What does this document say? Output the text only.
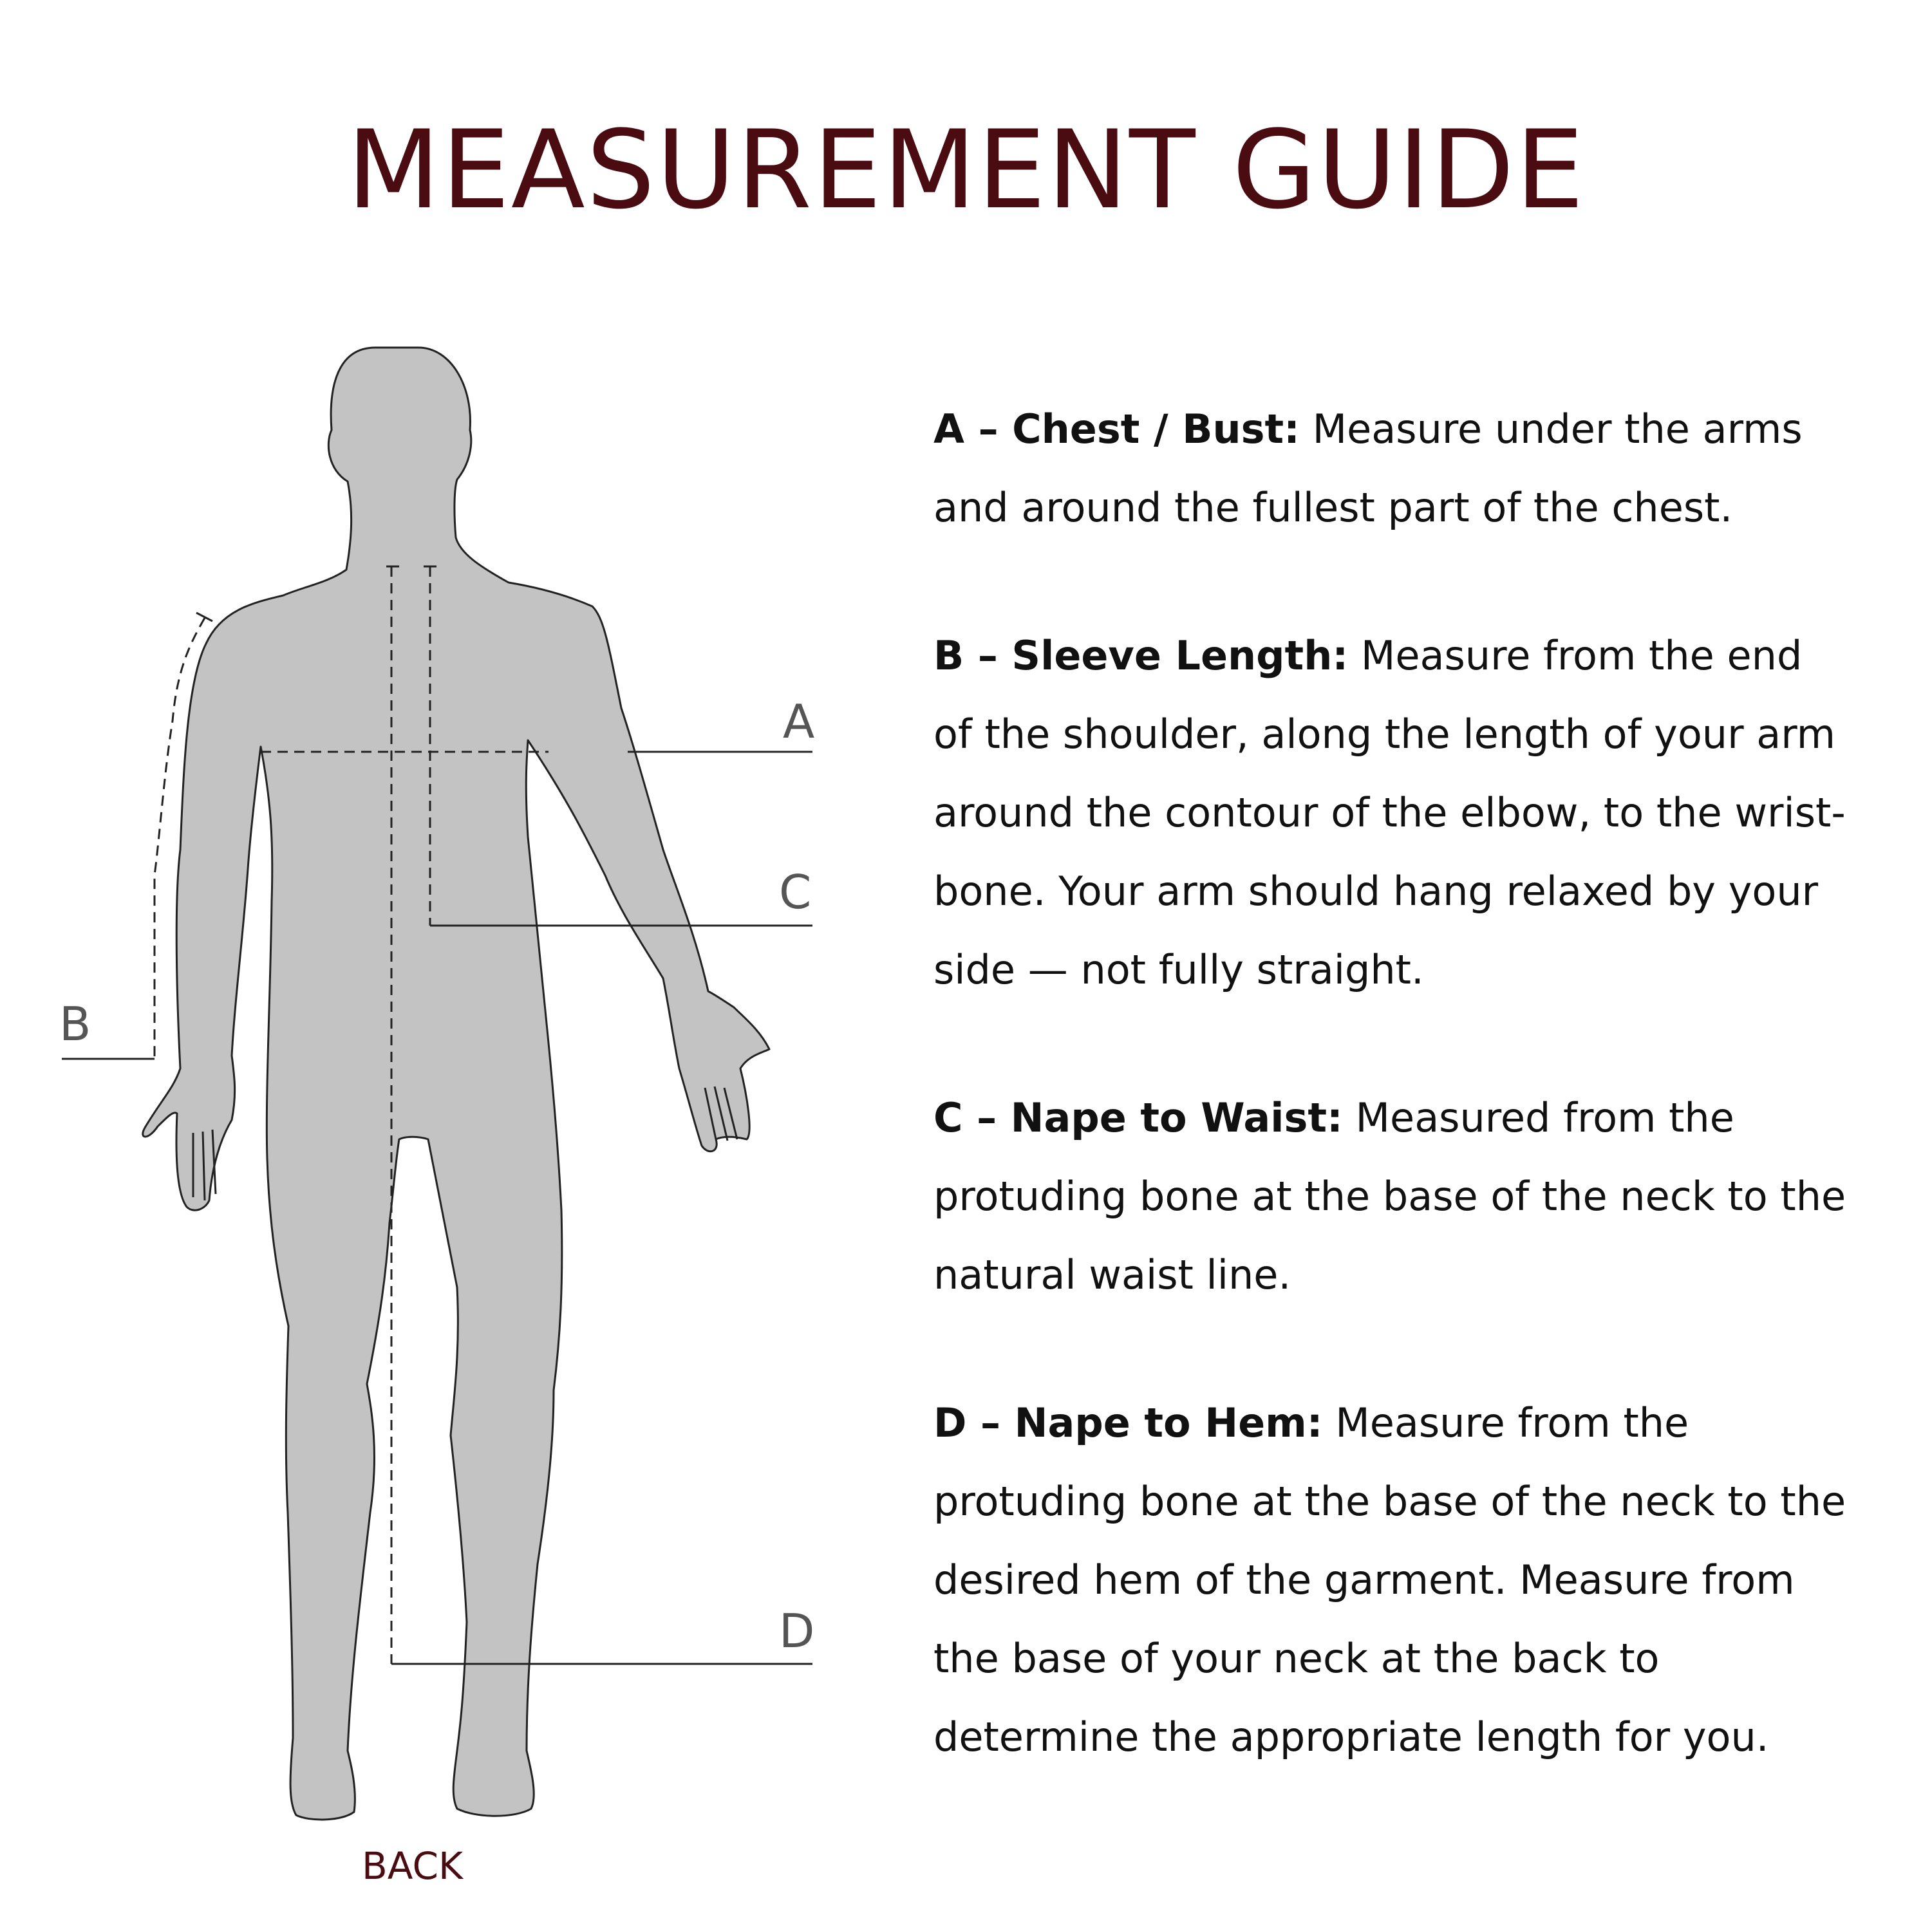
MEASUREMENT GUIDE
A
C
B
D
BACK

A – Chest / Bust: Measure under the arms and around the fullest part of the chest.

B – Sleeve Length: Measure from the end of the shoulder, along the length of your arm around the contour of the elbow, to the wrist-bone. Your arm should hang relaxed by your side — not fully straight.

C – Nape to Waist: Measured from the protuding bone at the base of the neck to the natural waist line.

D – Nape to Hem: Measure from the protuding bone at the base of the neck to the desired hem of the garment. Measure from the base of your neck at the back to determine the appropriate length for you.
